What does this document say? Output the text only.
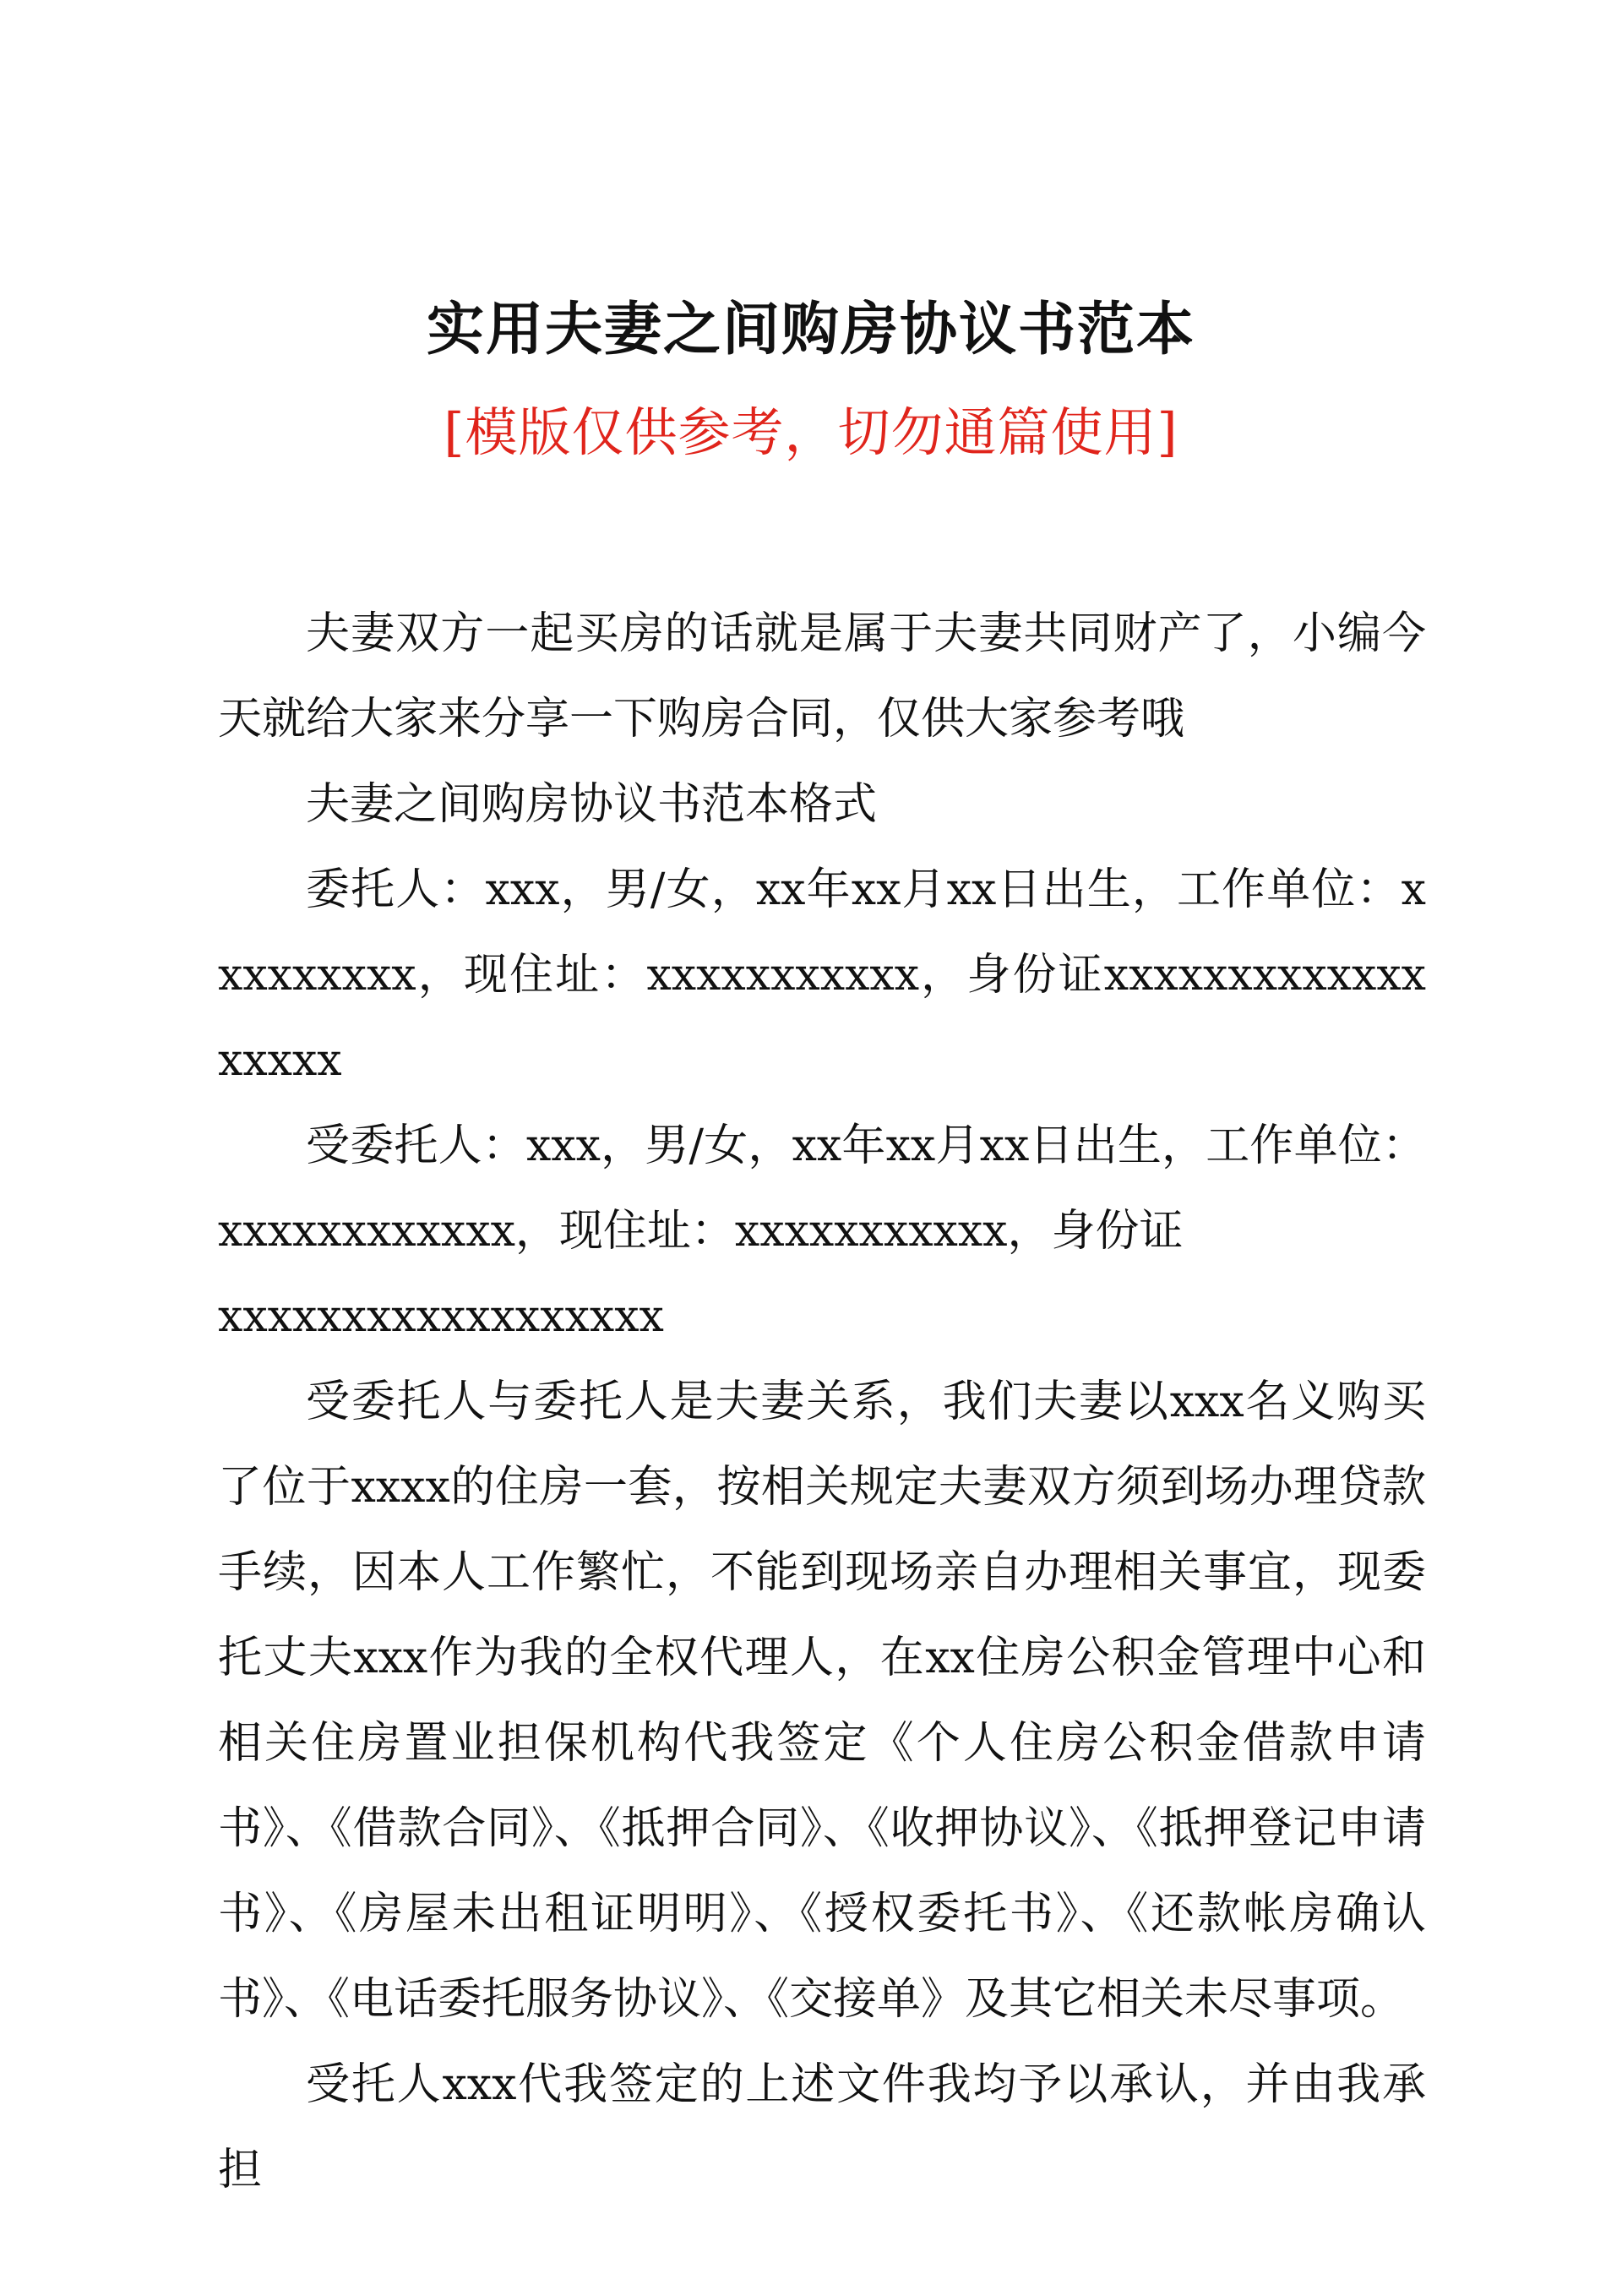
实用夫妻之间购房协议书范本
[模版仅供参考，切勿通篇使用]

夫妻双方一起买房的话就是属于夫妻共同财产了，小编今天就给大家来分享一下购房合同，仅供大家参考哦

夫妻之间购房协议书范本格式

委托人：xxx，男/女，xx年xx月xx日出生，工作单位：xxxxxxxxx，现住址：xxxxxxxxxxx，身份证xxxxxxxxxxxxxxxxxx

受委托人：xxx，男/女，xx年xx月xx日出生，工作单位：xxxxxxxxxxxx，现住址：xxxxxxxxxxx，身份证

xxxxxxxxxxxxxxxxxx

受委托人与委托人是夫妻关系，我们夫妻以xxx名义购买了位于xxxx的住房一套，按相关规定夫妻双方须到场办理贷款手续，因本人工作繁忙，不能到现场亲自办理相关事宜，现委托丈夫xxx作为我的全权代理人，在xx住房公积金管理中心和相关住房置业担保机构代我签定《个人住房公积金借款申请书》、《借款合同》、《抵押合同》、《收押协议》、《抵押登记申请书》、《房屋未出租证明明》、《授权委托书》、《还款帐房确认书》、《电话委托服务协议》、《交接单》及其它相关未尽事项。

受托人xxx代我签定的上述文件我均予以承认，并由我承担
